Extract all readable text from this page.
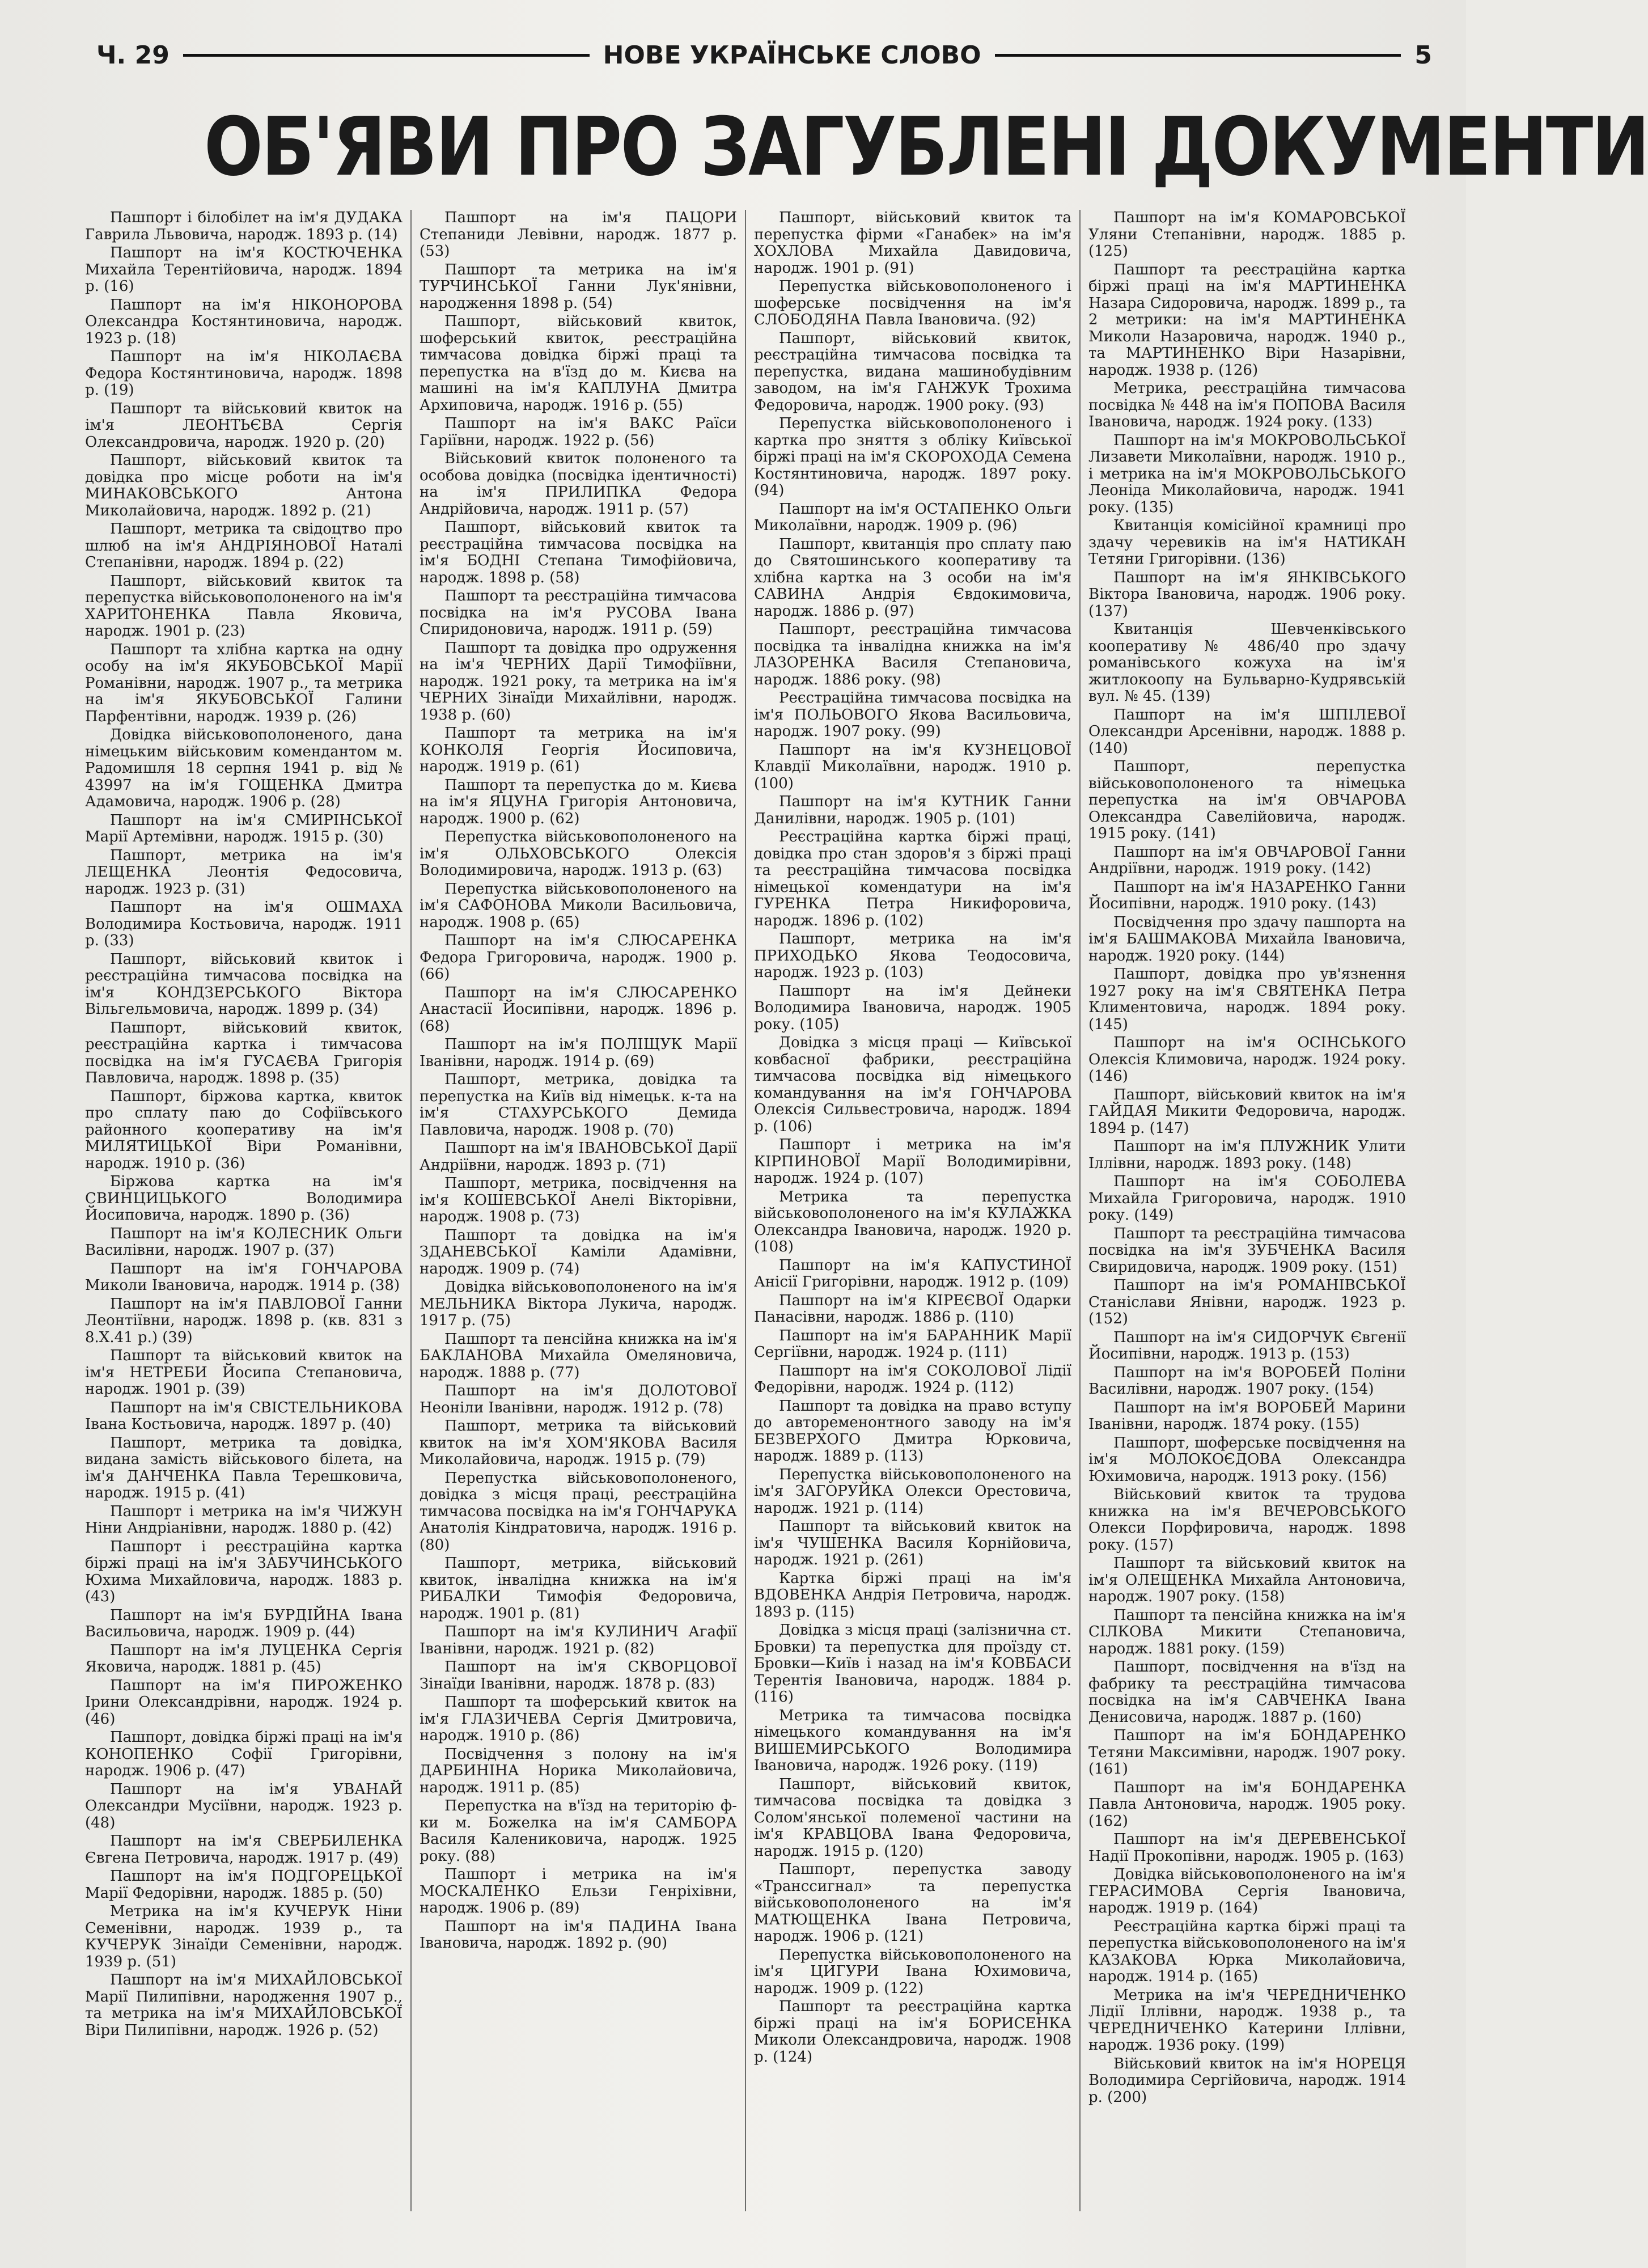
Ч. 29	НОВЕ УКРАЇНСЬКЕ СЛОВО	5
ОБ'ЯВИ ПРО ЗАГУБЛЕНІ ДОКУМЕНТИ

Пашпорт і білобілет на ім'я ДУДАКА Гаврила Львовича, народж. 1893 р. (14)

Пашпорт на ім'я КОСТЮЧЕНКА Михайла Терентійовича, народж. 1894 р. (16)

Пашпорт на ім'я НІКОНОРОВА Олександра Костянтиновича, народж. 1923 р. (18)

Пашпорт на ім'я НІКОЛАЄВА Федора Костянтиновича, народж. 1898 р. (19)

Пашпорт та військовий квиток на ім'я ЛЕОНТЬЄВА Сергія Олександровича, народж. 1920 р. (20)

Пашпорт, військовий квиток та довідка про місце роботи на ім'я МИНАКОВСЬКОГО Антона Миколайовича, народж. 1892 р. (21)

Пашпорт, метрика та свідоцтво про шлюб на ім'я АНДРІЯНОВОЇ Наталі Степанівни, народж. 1894 р. (22)

Пашпорт, військовий квиток та перепустка військовополоненого на ім'я ХАРИТОНЕНКА Павла Яковича, народж. 1901 р. (23)

Пашпорт та хлібна картка на одну особу на ім'я ЯКУБОВСЬКОЇ Марії Романівни, народж. 1907 р., та метрика на ім'я ЯКУБОВСЬКОЇ Галини Парфентівни, народж. 1939 р. (26)

Довідка військовополоненого, дана німецьким військовим комендантом м. Радомишля 18 серпня 1941 р. від № 43997 на ім'я ГОЩЕНКА Дмитра Адамовича, народж. 1906 р. (28)

Пашпорт на ім'я СМИРІНСЬКОЇ Марії Артемівни, народж. 1915 р. (30)

Пашпорт, метрика на ім'я ЛЕЩЕНКА Леонтія Федосовича, народж. 1923 р. (31)

Пашпорт на ім'я ОШМАХА Володимира Костьовича, народж. 1911 р. (33)

Пашпорт, військовий квиток і реєстраційна тимчасова посвідка на ім'я КОНДЗЕРСЬКОГО Віктора Вільгельмовича, народж. 1899 р. (34)

Пашпорт, військовий квиток, реєстраційна картка і тимчасова посвідка на ім'я ГУСАЄВА Григорія Павловича, народж. 1898 р. (35)

Пашпорт, біржова картка, квиток про сплату паю до Софіївського районного кооперативу на ім'я МИЛЯТИЦЬКОЇ Віри Романівни, народж. 1910 р. (36)

Біржова картка на ім'я СВИНЦИЦЬКОГО Володимира Йосиповича, народж. 1890 р. (36)

Пашпорт на ім'я КОЛЕСНИК Ольги Василівни, народж. 1907 р. (37)

Пашпорт на ім'я ГОНЧАРОВА Миколи Івановича, народж. 1914 р. (38)

Пашпорт на ім'я ПАВЛОВОЇ Ганни Леонтіївни, народж. 1898 р. (кв. 831 з 8.X.41 р.) (39)

Пашпорт та військовий квиток на ім'я НЕТРЕБИ Йосипа Степановича, народж. 1901 р. (39)

Пашпорт на ім'я СВІСТЕЛЬНИКОВА Івана Костьовича, народж. 1897 р. (40)

Пашпорт, метрика та довідка, видана замість військового білета, на ім'я ДАНЧЕНКА Павла Терешковича, народж. 1915 р. (41)

Пашпорт і метрика на ім'я ЧИЖУН Ніни Андріанівни, народж. 1880 р. (42)

Пашпорт і реєстраційна картка біржі праці на ім'я ЗАБУЧИНСЬКОГО Юхима Михайловича, народж. 1883 р. (43)

Пашпорт на ім'я БУРДІЙНА Івана Васильовича, народж. 1909 р. (44)

Пашпорт на ім'я ЛУЦЕНКА Сергія Яковича, народж. 1881 р. (45)

Пашпорт на ім'я ПИРОЖЕНКО Ірини Олександрівни, народж. 1924 р. (46)

Пашпорт, довідка біржі праці на ім'я КОНОПЕНКО Софії Григорівни, народж. 1906 р. (47)

Пашпорт на ім'я УВАНАЙ Олександри Мусіївни, народж. 1923 р. (48)

Пашпорт на ім'я СВЕРБИЛЕНКА Євгена Петровича, народж. 1917 р. (49)

Пашпорт на ім'я ПОДГОРЕЦЬКОЇ Марії Федорівни, народж. 1885 р. (50)

Метрика на ім'я КУЧЕРУК Ніни Семенівни, народж. 1939 р., та КУЧЕРУК Зінаїди Семенівни, народж. 1939 р. (51)

Пашпорт на ім'я МИХАЙЛОВСЬКОЇ Марії Пилипівни, народження 1907 р., та метрика на ім'я МИХАЙЛОВСЬКОЇ Віри Пилипівни, народж. 1926 р. (52)

Пашпорт на ім'я ПАЦОРИ Степаниди Левівни, народж. 1877 р. (53)

Пашпорт та метрика на ім'я ТУРЧИНСЬКОЇ Ганни Лук'янівни, народження 1898 р. (54)

Пашпорт, військовий квиток, шоферський квиток, реєстраційна тимчасова довідка біржі праці та перепустка на в'їзд до м. Києва на машині на ім'я КАПЛУНА Дмитра Архиповича, народж. 1916 р. (55)

Пашпорт на ім'я ВАКС Раїси Гаріївни, народж. 1922 р. (56)

Військовий квиток полоненого та особова довідка (посвідка ідентичності) на ім'я ПРИЛИПКА Федора Андрійовича, народж. 1911 р. (57)

Пашпорт, військовий квиток та реєстраційна тимчасова посвідка на ім'я БОДНІ Степана Тимофійовича, народж. 1898 р. (58)

Пашпорт та реєстраційна тимчасова посвідка на ім'я РУСОВА Івана Спиридоновича, народж. 1911 р. (59)

Пашпорт та довідка про одруження на ім'я ЧЕРНИХ Дарії Тимофіївни, народж. 1921 року, та метрика на ім'я ЧЕРНИХ Зінаїди Михайлівни, народж. 1938 р. (60)

Пашпорт та метрика на ім'я КОНКОЛЯ Георгія Йосиповича, народж. 1919 р. (61)

Пашпорт та перепустка до м. Києва на ім'я ЯЦУНА Григорія Антоновича, народж. 1900 р. (62)

Перепустка військовополоненого на ім'я ОЛЬХОВСЬКОГО Олексія Володимировича, народж. 1913 р. (63)

Перепустка військовополоненого на ім'я САФОНОВА Миколи Васильовича, народж. 1908 р. (65)

Пашпорт на ім'я СЛЮСАРЕНКА Федора Григоровича, народж. 1900 р. (66)

Пашпорт на ім'я СЛЮСАРЕНКО Анастасії Йосипівни, народж. 1896 р. (68)

Пашпорт на ім'я ПОЛІЩУК Марії Іванівни, народж. 1914 р. (69)

Пашпорт, метрика, довідка та перепустка на Київ від німецьк. к-та на ім'я СТАХУРСЬКОГО Демида Павловича, народж. 1908 р. (70)

Пашпорт на ім'я ІВАНОВСЬКОЇ Дарії Андріївни, народж. 1893 р. (71)

Пашпорт, метрика, посвідчення на ім'я КОШЕВСЬКОЇ Анелі Вікторівни, народж. 1908 р. (73)

Пашпорт та довідка на ім'я ЗДАНЕВСЬКОЇ Каміли Адамівни, народж. 1909 р. (74)

Довідка військовополоненого на ім'я МЕЛЬНИКА Віктора Лукича, народж. 1917 р. (75)

Пашпорт та пенсійна книжка на ім'я БАКЛАНОВА Михайла Омеляновича, народж. 1888 р. (77)

Пашпорт на ім'я ДОЛОТОВОЇ Неоніли Іванівни, народж. 1912 р. (78)

Пашпорт, метрика та військовий квиток на ім'я ХОМ'ЯКОВА Василя Миколайовича, народж. 1915 р. (79)

Перепустка військовополоненого, довідка з місця праці, реєстраційна тимчасова посвідка на ім'я ГОНЧАРУКА Анатолія Кіндратовича, народж. 1916 р. (80)

Пашпорт, метрика, військовий квиток, інвалідна книжка на ім'я РИБАЛКИ Тимофія Федоровича, народж. 1901 р. (81)

Пашпорт на ім'я КУЛИНИЧ Агафії Іванівни, народж. 1921 р. (82)

Пашпорт на ім'я СКВОРЦОВОЇ Зінаїди Іванівни, народж. 1878 р. (83)

Пашпорт та шоферський квиток на ім'я ГЛАЗИЧЕВА Сергія Дмитровича, народж. 1910 р. (86)

Посвідчення з полону на ім'я ДАРБИНІНА Норика Миколайовича, народж. 1911 р. (85)

Перепустка на в'їзд на територію ф-ки м. Божелка на ім'я САМБОРА Василя Калениковича, народж. 1925 року. (88)

Пашпорт і метрика на ім'я МОСКАЛЕНКО Ельзи Генріхівни, народж. 1906 р. (89)

Пашпорт на ім'я ПАДИНА Івана Івановича, народж. 1892 р. (90)

Пашпорт, військовий квиток та перепустка фірми «Ганабек» на ім'я ХОХЛОВА Михайла Давидовича, народж. 1901 р. (91)

Перепустка військовополоненого і шоферське посвідчення на ім'я СЛОБОДЯНА Павла Івановича. (92)

Пашпорт, військовий квиток, реєстраційна тимчасова посвідка та перепустка, видана машинобудівним заводом, на ім'я ГАНЖУК Трохима Федоровича, народж. 1900 року. (93)

Перепустка військовополоненого і картка про зняття з обліку Київської біржі праці на ім'я СКОРОХОДА Семена Костянтиновича, народж. 1897 року. (94)

Пашпорт на ім'я ОСТАПЕНКО Ольги Миколаївни, народж. 1909 р. (96)

Пашпорт, квитанція про сплату паю до Святошинського кооперативу та хлібна картка на 3 особи на ім'я САВИНА Андрія Євдокимовича, народж. 1886 р. (97)

Пашпорт, реєстраційна тимчасова посвідка та інвалідна книжка на ім'я ЛАЗОРЕНКА Василя Степановича, народж. 1886 року. (98)

Реєстраційна тимчасова посвідка на ім'я ПОЛЬОВОГО Якова Васильовича, народж. 1907 року. (99)

Пашпорт на ім'я КУЗНЕЦОВОЇ Клавдії Миколаївни, народж. 1910 р. (100)

Пашпорт на ім'я КУТНИК Ганни Данилівни, народж. 1905 р. (101)

Реєстраційна картка біржі праці, довідка про стан здоров'я з біржі праці та реєстраційна тимчасова посвідка німецької комендатури на ім'я ГУРЕНКА Петра Никифоровича, народж. 1896 р. (102)

Пашпорт, метрика на ім'я ПРИХОДЬКО Якова Теодосовича, народж. 1923 р. (103)

Пашпорт на ім'я Дейнеки Володимира Івановича, народж. 1905 року. (105)

Довідка з місця праці — Київської ковбасної фабрики, реєстраційна тимчасова посвідка від німецького командування на ім'я ГОНЧАРОВА Олексія Сильвестровича, народж. 1894 р. (106)

Пашпорт і метрика на ім'я КІРПИНОВОЇ Марії Володимирівни, народж. 1924 р. (107)

Метрика та перепустка військовополоненого на ім'я КУЛАЖКА Олександра Івановича, народж. 1920 р. (108)

Пашпорт на ім'я КАПУСТИНОЇ Анісії Григорівни, народж. 1912 р. (109)

Пашпорт на ім'я КІРЕЄВОЇ Одарки Панасівни, народж. 1886 р. (110)

Пашпорт на ім'я БАРАННИК Марії Сергіївни, народж. 1924 р. (111)

Пашпорт на ім'я СОКОЛОВОЇ Лідії Федорівни, народж. 1924 р. (112)

Пашпорт та довідка на право вступу до автоременонтного заводу на ім'я БЕЗВЕРХОГО Дмитра Юрковича, народж. 1889 р. (113)

Перепустка військовополоненого на ім'я ЗАГОРУЙКА Олекси Орестовича, народж. 1921 р. (114)

Пашпорт та військовий квиток на ім'я ЧУШЕНКА Василя Корнійовича, народж. 1921 р. (261)

Картка біржі праці на ім'я ВДОВЕНКА Андрія Петровича, народж. 1893 р. (115)

Довідка з місця праці (залізнична ст. Бровки) та перепустка для проїзду ст. Бровки—Київ і назад на ім'я КОВБАСИ Терентія Івановича, народж. 1884 р. (116)

Метрика та тимчасова посвідка німецького командування на ім'я ВИШЕМИРСЬКОГО Володимира Івановича, народж. 1926 року. (119)

Пашпорт, військовий квиток, тимчасова посвідка та довідка з Солом'янської полеменої частини на ім'я КРАВЦОВА Івана Федоровича, народж. 1915 р. (120)

Пашпорт, перепустка заводу «Транссигнал» та перепустка військовополоненого на ім'я МАТЮЩЕНКА Івана Петровича, народж. 1906 р. (121)

Перепустка військовополоненого на ім'я ЦИГУРИ Івана Юхимовича, народж. 1909 р. (122)

Пашпорт та реєстраційна картка біржі праці на ім'я БОРИСЕНКА Миколи Олександровича, народж. 1908 р. (124)

Пашпорт на ім'я КОМАРОВСЬКОЇ Уляни Степанівни, народж. 1885 р. (125)

Пашпорт та реєстраційна картка біржі праці на ім'я МАРТИНЕНКА Назара Сидоровича, народж. 1899 р., та 2 метрики: на ім'я МАРТИНЕНКА Миколи Назаровича, народж. 1940 р., та МАРТИНЕНКО Віри Назарівни, народж. 1938 р. (126)

Метрика, реєстраційна тимчасова посвідка № 448 на ім'я ПОПОВА Василя Івановича, народж. 1924 року. (133)

Пашпорт на ім'я МОКРОВОЛЬСЬКОЇ Лизавети Миколаївни, народж. 1910 р., і метрика на ім'я МОКРОВОЛЬСЬКОГО Леоніда Миколайовича, народж. 1941 року. (135)

Квитанція комісійної крамниці про здачу черевиків на ім'я НАТИКАН Тетяни Григорівни. (136)

Пашпорт на ім'я ЯНКІВСЬКОГО Віктора Івановича, народж. 1906 року. (137)

Квитанція Шевченківського кооперативу № 486/40 про здачу романівського кожуха на ім'я житлокоопу на Бульварно-Кудрявській вул. № 45. (139)

Пашпорт на ім'я ШПІЛЕВОЇ Олександри Арсенівни, народж. 1888 р. (140)

Пашпорт, перепустка військовополоненого та німецька перепустка на ім'я ОВЧАРОВА Олександра Савелійовича, народж. 1915 року. (141)

Пашпорт на ім'я ОВЧАРОВОЇ Ганни Андріївни, народж. 1919 року. (142)

Пашпорт на ім'я НАЗАРЕНКО Ганни Йосипівни, народж. 1910 року. (143)

Посвідчення про здачу пашпорта на ім'я БАШМАКОВА Михайла Івановича, народж. 1920 року. (144)

Пашпорт, довідка про ув'язнення 1927 року на ім'я СВЯТЕНКА Петра Климентовича, народж. 1894 року. (145)

Пашпорт на ім'я ОСІНСЬКОГО Олексія Климовича, народж. 1924 року. (146)

Пашпорт, військовий квиток на ім'я ГАЙДАЯ Микити Федоровича, народж. 1894 р. (147)

Пашпорт на ім'я ПЛУЖНИК Улити Іллівни, народж. 1893 року. (148)

Пашпорт на ім'я СОБОЛЕВА Михайла Григоровича, народж. 1910 року. (149)

Пашпорт та реєстраційна тимчасова посвідка на ім'я ЗУБЧЕНКА Василя Свиридовича, народж. 1909 року. (151)

Пашпорт на ім'я РОМАНІВСЬКОЇ Станіслави Янівни, народж. 1923 р. (152)

Пашпорт на ім'я СИДОРЧУК Євгенії Йосипівни, народж. 1913 р. (153)

Пашпорт на ім'я ВОРОБЕЙ Поліни Василівни, народж. 1907 року. (154)

Пашпорт на ім'я ВОРОБЕЙ Марини Іванівни, народж. 1874 року. (155)

Пашпорт, шоферське посвідчення на ім'я МОЛОКОЄДОВА Олександра Юхимовича, народж. 1913 року. (156)

Військовий квиток та трудова книжка на ім'я ВЕЧЕРОВСЬКОГО Олекси Порфировича, народж. 1898 року. (157)

Пашпорт та військовий квиток на ім'я ОЛЕЩЕНКА Михайла Антоновича, народж. 1907 року. (158)

Пашпорт та пенсійна книжка на ім'я СІЛКОВА Микити Степановича, народж. 1881 року. (159)

Пашпорт, посвідчення на в'їзд на фабрику та реєстраційна тимчасова посвідка на ім'я САВЧЕНКА Івана Денисовича, народж. 1887 р. (160)

Пашпорт на ім'я БОНДАРЕНКО Тетяни Максимівни, народж. 1907 року. (161)

Пашпорт на ім'я БОНДАРЕНКА Павла Антоновича, народж. 1905 року. (162)

Пашпорт на ім'я ДЕРЕВЕНСЬКОЇ Надії Прокопівни, народж. 1905 р. (163)

Довідка військовополоненого на ім'я ГЕРАСИМОВА Сергія Івановича, народж. 1919 р. (164)

Реєстраційна картка біржі праці та перепустка військовополоненого на ім'я КАЗАКОВА Юрка Миколайовича, народж. 1914 р. (165)

Метрика на ім'я ЧЕРЕДНИЧЕНКО Лідії Іллівни, народж. 1938 р., та ЧЕРЕДНИЧЕНКО Катерини Іллівни, народж. 1936 року. (199)

Військовий квиток на ім'я НОРЕЦЯ Володимира Сергійовича, народж. 1914 р. (200)
